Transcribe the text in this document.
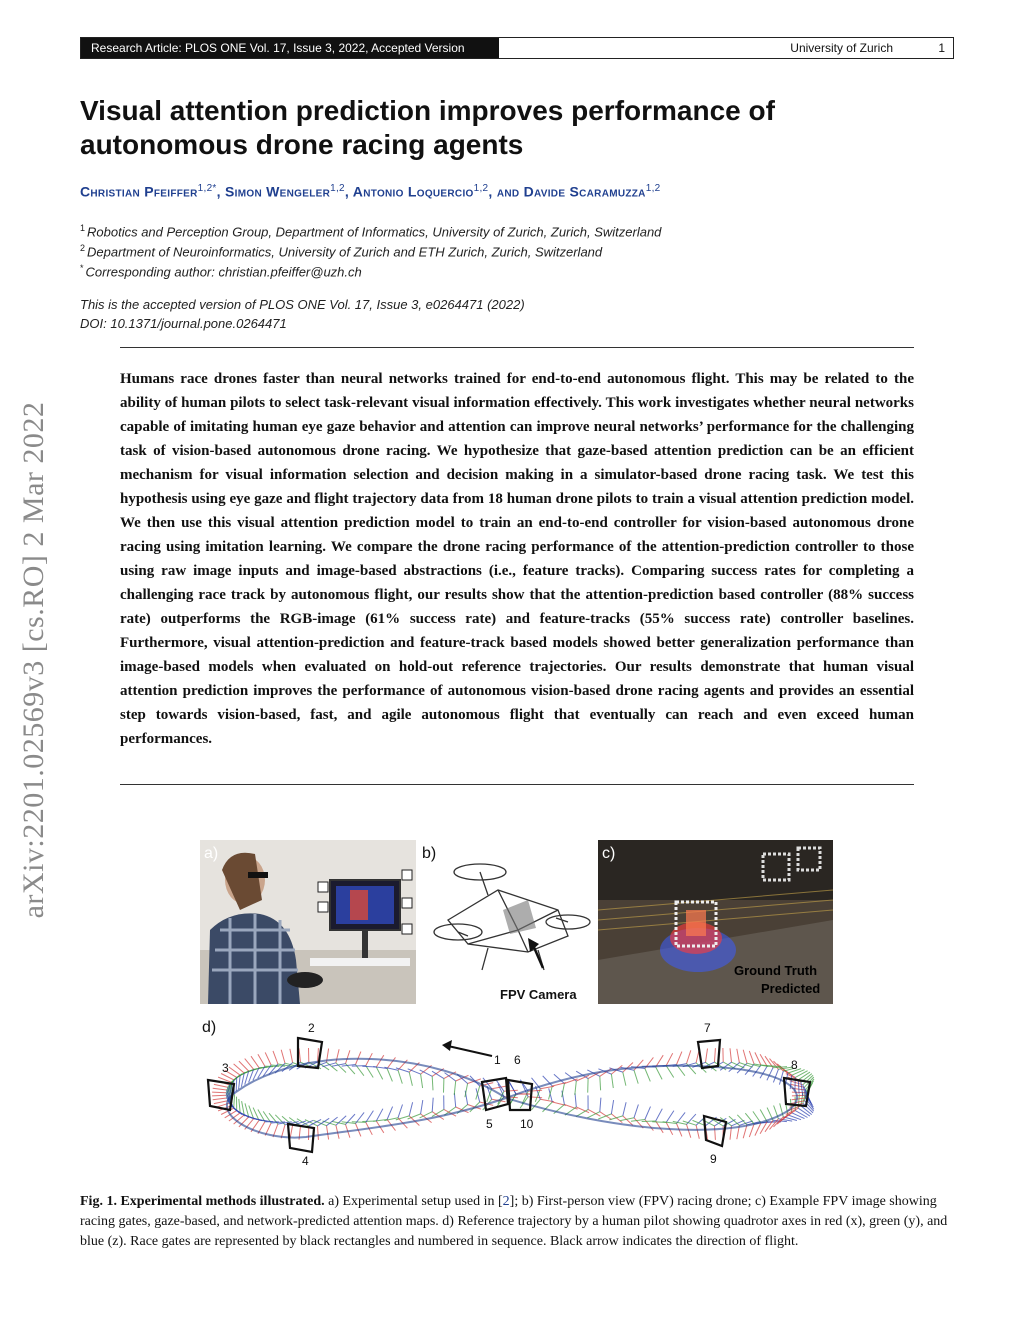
Research Article: PLOS ONE Vol. 17, Issue 3, 2022, Accepted Version	University of Zurich	1
arXiv:2201.02569v3 [cs.RO] 2 Mar 2022
Visual attention prediction improves performance of autonomous drone racing agents
Christian Pfeiffer$^{1,2*}$, Simon Wengeler$^{1,2}$, Antonio Loquercio$^{1,2}$, and Davide Scaramuzza$^{1,2}$
$^1$ Robotics and Perception Group, Department of Informatics, University of Zurich, Zurich, Switzerland
$^2$ Department of Neuroinformatics, University of Zurich and ETH Zurich, Zurich, Switzerland
* Corresponding author: christian.pfeiffer@uzh.ch
This is the accepted version of PLOS ONE Vol. 17, Issue 3, e0264471 (2022)
DOI: 10.1371/journal.pone.0264471
Humans race drones faster than neural networks trained for end-to-end autonomous flight. This may be related to the ability of human pilots to select task-relevant visual information effectively. This work investigates whether neural networks capable of imitating human eye gaze behavior and attention can improve neural networks’ performance for the challenging task of vision-based autonomous drone racing. We hypothesize that gaze-based attention prediction can be an efficient mechanism for visual information selection and decision making in a simulator-based drone racing task. We test this hypothesis using eye gaze and flight trajectory data from 18 human drone pilots to train a visual attention prediction model. We then use this visual attention prediction model to train an end-to-end controller for vision-based autonomous drone racing using imitation learning. We compare the drone racing performance of the attention-prediction controller to those using raw image inputs and image-based abstractions (i.e., feature tracks). Comparing success rates for completing a challenging race track by autonomous flight, our results show that the attention-prediction based controller (88% success rate) outperforms the RGB-image (61% success rate) and feature-tracks (55% success rate) controller baselines. Furthermore, visual attention-prediction and feature-track based models showed better generalization performance than image-based models when evaluated on hold-out reference trajectories. Our results demonstrate that human visual attention prediction improves the performance of autonomous vision-based drone racing agents and provides an essential step towards vision-based, fast, and agile autonomous flight that eventually can reach and even exceed human performances.
a)	b)
FPV Camera
c)
Ground Truth
Predicted
d)
1
2
3
4
5
6
7
8
9
10
Fig. 1. Experimental methods illustrated. a) Experimental setup used in [2]; b) First-person view (FPV) racing drone; c) Example FPV image showing racing gates, gaze-based, and network-predicted attention maps. d) Reference trajectory by a human pilot showing quadrotor axes in red (x), green (y), and blue (z). Race gates are represented by black rectangles and numbered in sequence. Black arrow indicates the direction of flight.
